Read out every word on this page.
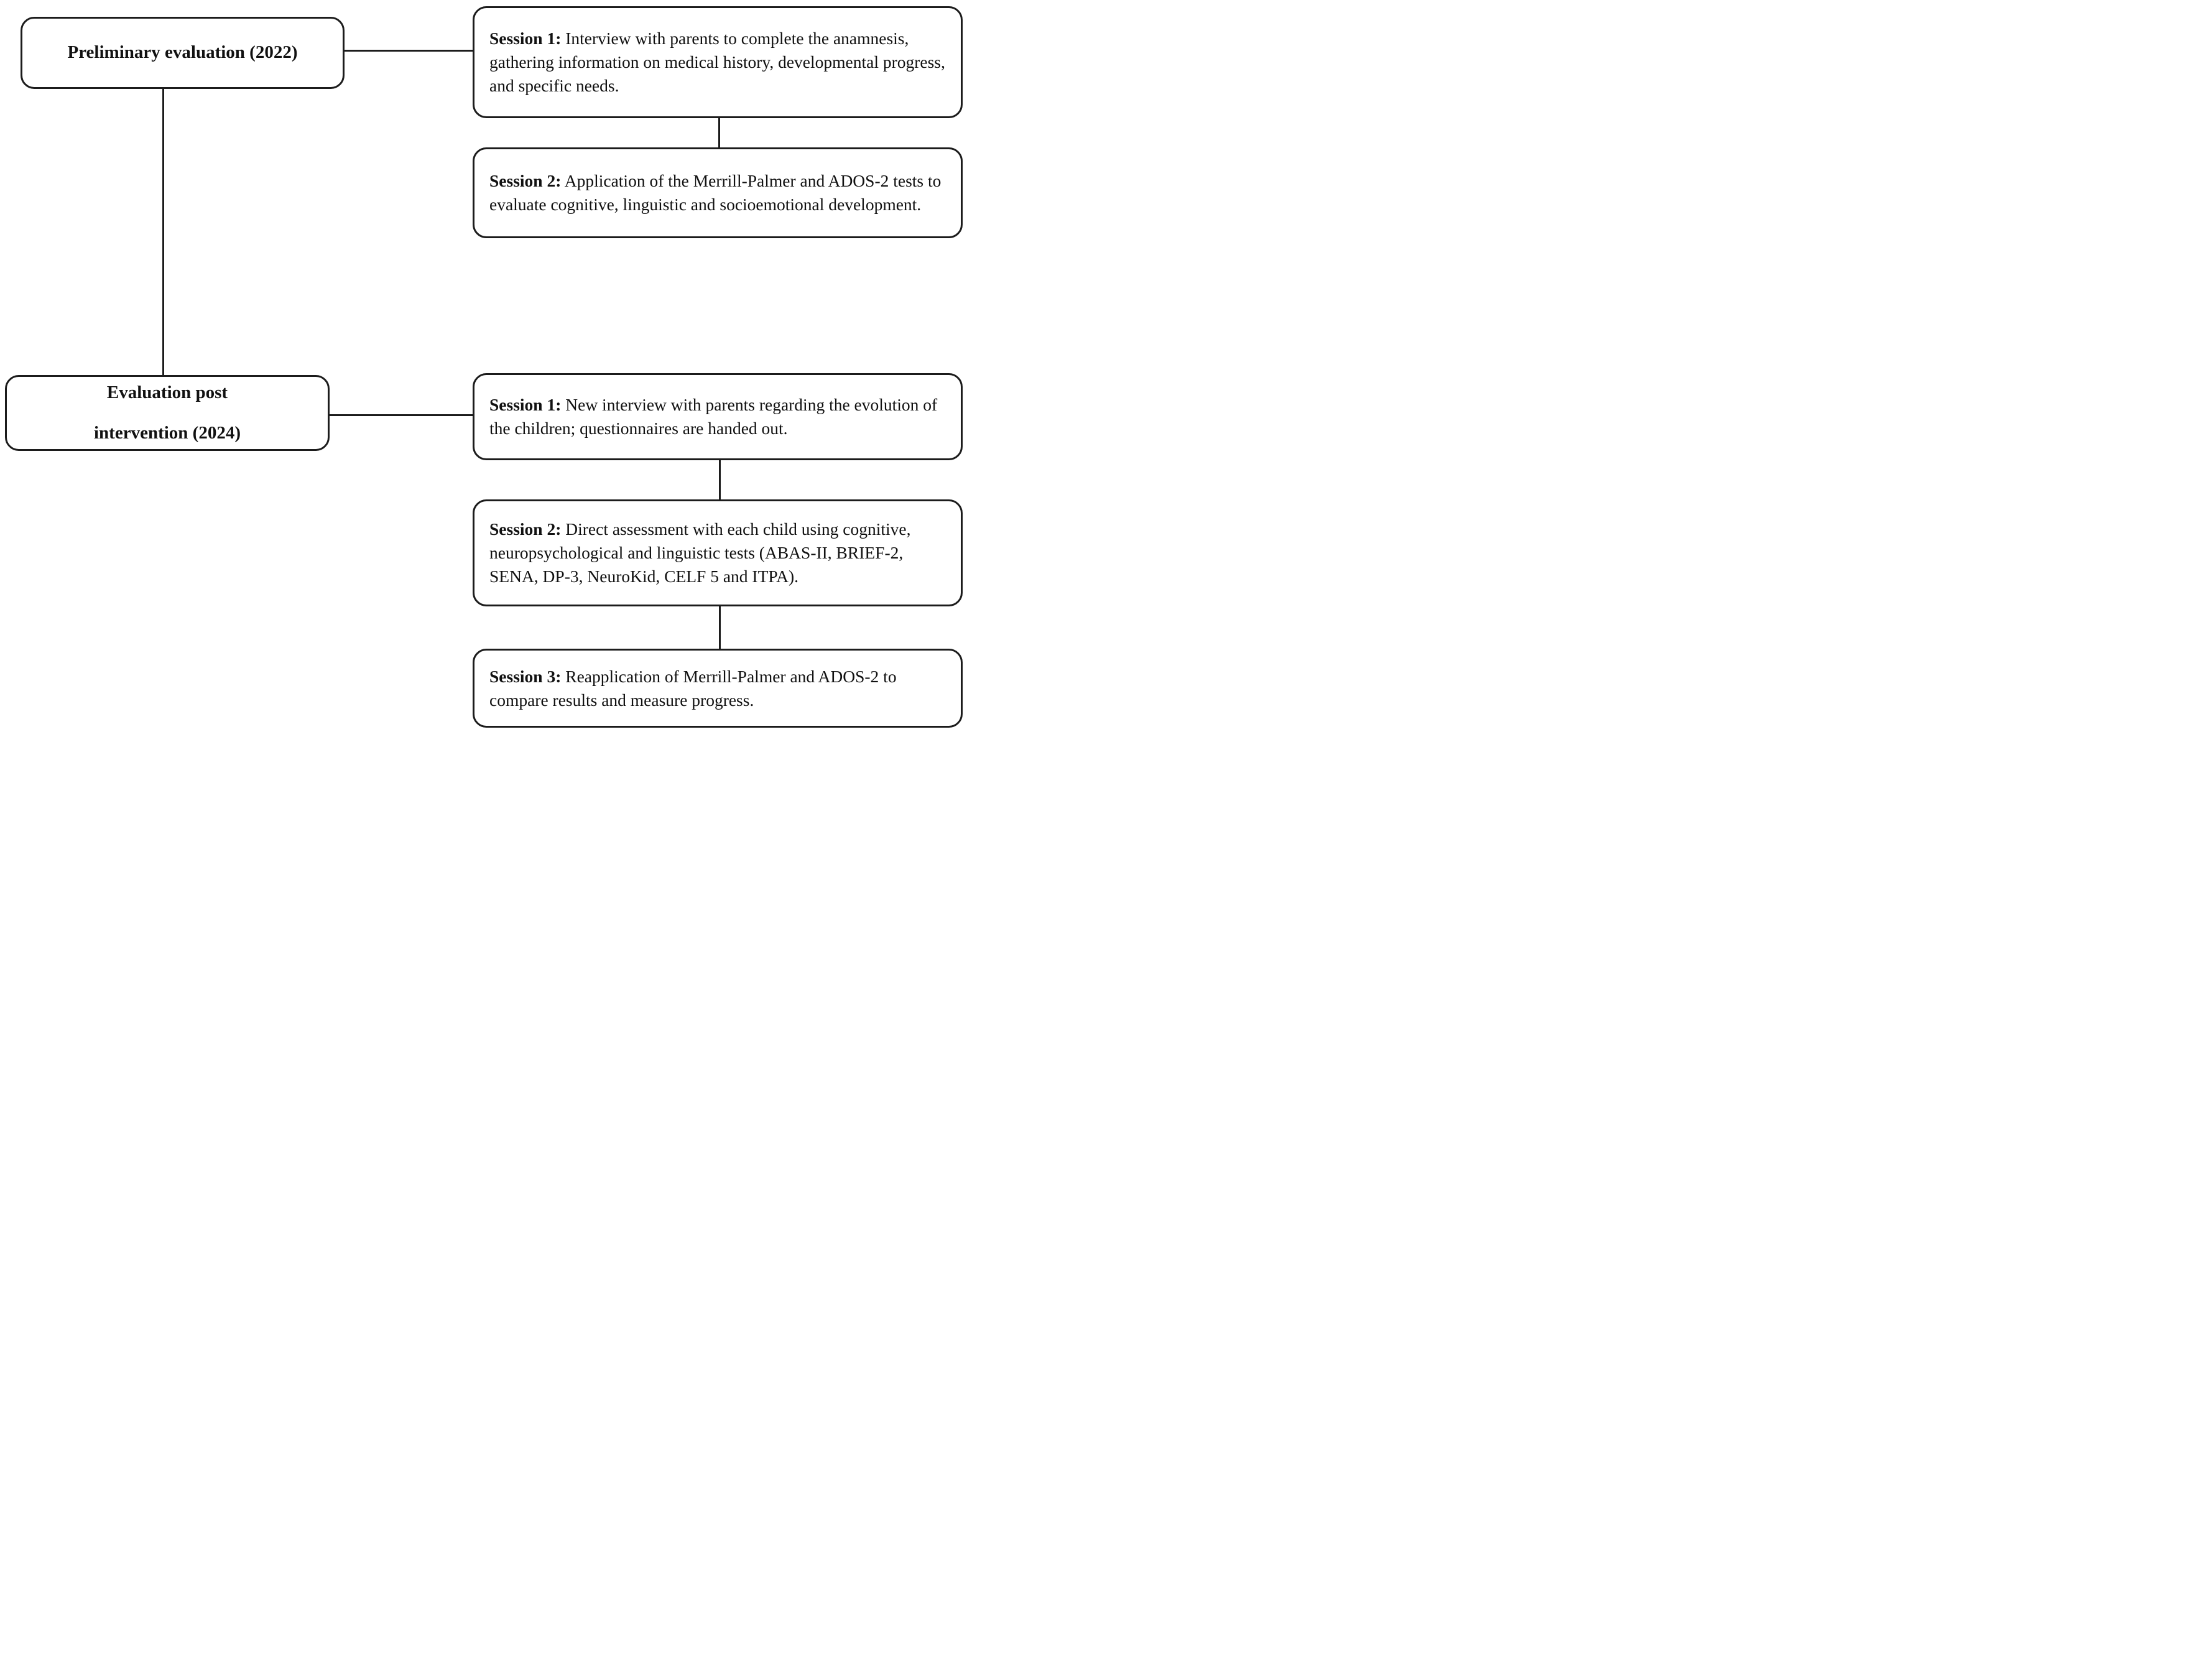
Preliminary evaluation (2022)

Session 1: Interview with parents to complete the anamnesis, gathering information on medical history, developmental progress, and specific needs.

Session 2: Application of the Merrill-Palmer and ADOS-2 tests to evaluate cognitive, linguistic and socioemotional development.

Evaluation post
intervention (2024)

Session 1: New interview with parents regarding the evolution of the children; questionnaires are handed out.

Session 2: Direct assessment with each child using cognitive, neuropsychological and linguistic tests (ABAS-II, BRIEF-2, SENA, DP-3, NeuroKid, CELF 5 and ITPA).

Session 3: Reapplication of Merrill-Palmer and ADOS-2 to compare results and measure progress.
